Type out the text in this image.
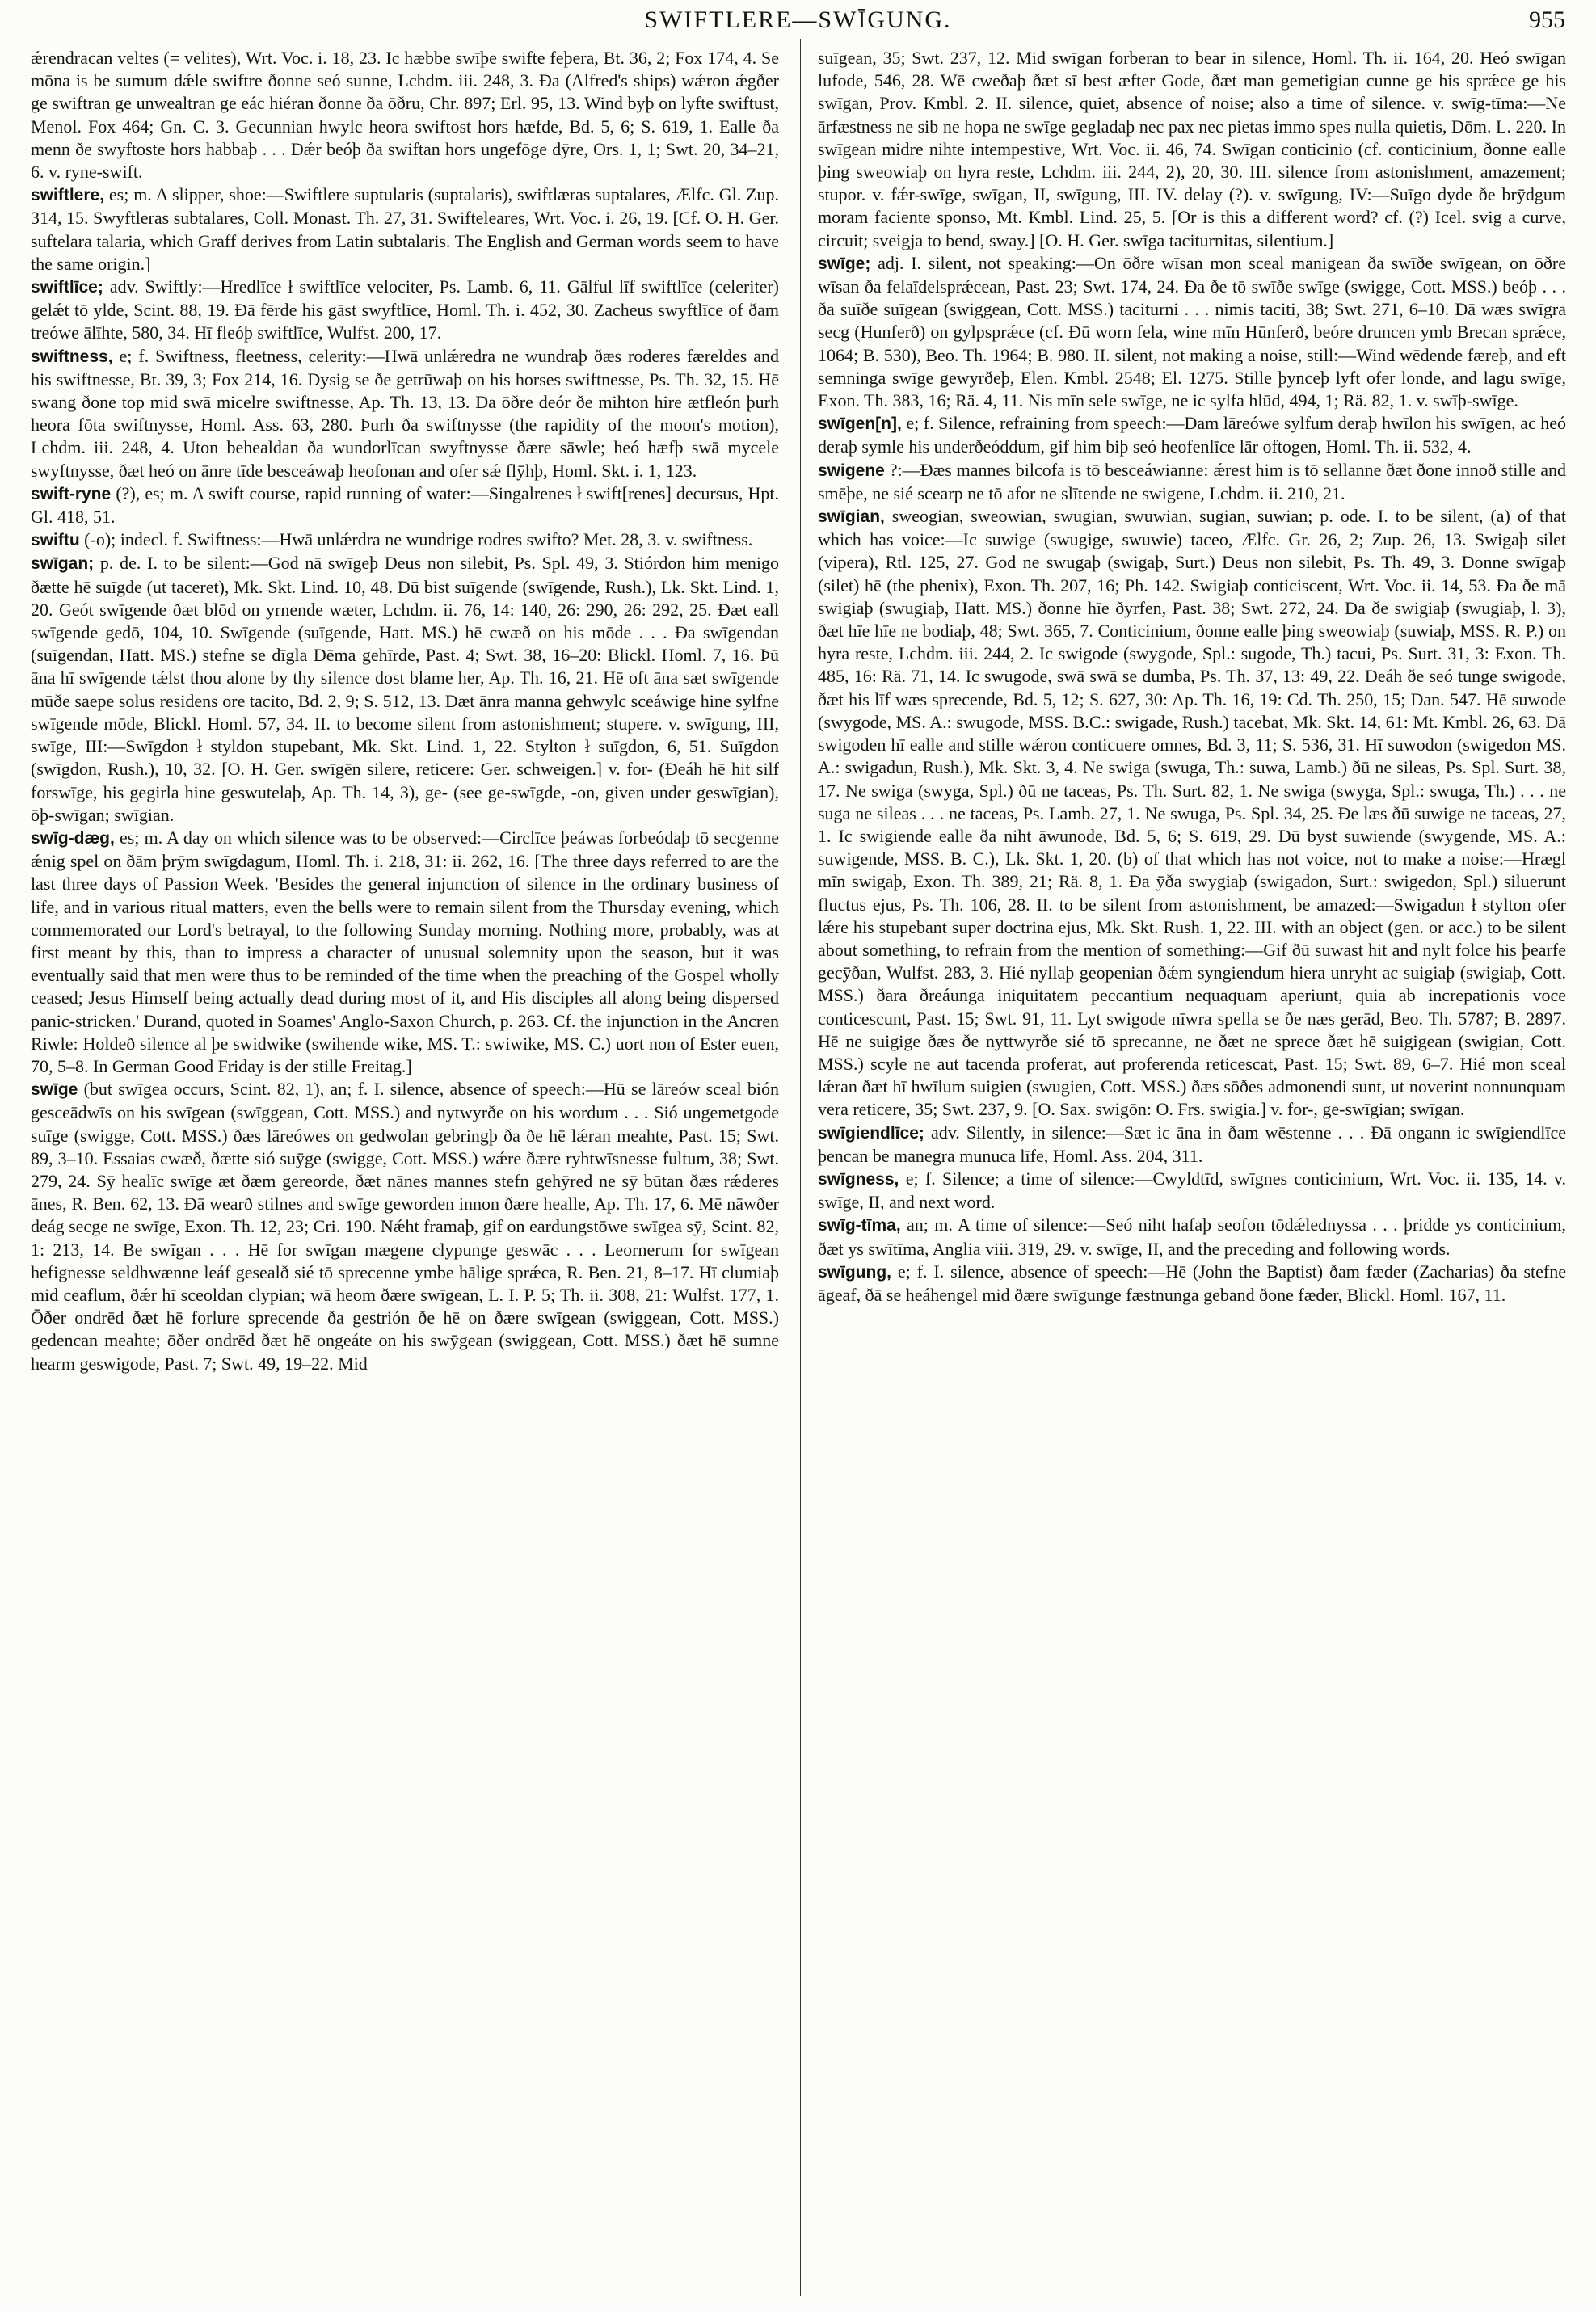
SWIFTLERE—SWĪGUNG.	955

ǽrendracan veltes (= velites), Wrt. Voc. i. 18, 23. Ic hæbbe swīþe swifte feþera, Bt. 36, 2; Fox 174, 4. Se mōna is be sumum dǽle swiftre ðonne seó sunne, Lchdm. iii. 248, 3. Ða (Alfred's ships) wǽron ǽgðer ge swiftran ge unwealtran ge eác hiéran ðonne ða ōðru, Chr. 897; Erl. 95, 13. Wind byþ on lyfte swiftust, Menol. Fox 464; Gn. C. 3. Gecunnian hwylc heora swiftost hors hæfde, Bd. 5, 6; S. 619, 1. Ealle ða menn ðe swyftoste hors habbaþ . . . Ðǽr beóþ ða swiftan hors ungefōge dȳre, Ors. 1, 1; Swt. 20, 34–21, 6. v. ryne-swift.

swiftlere, es; m. A slipper, shoe:—Swiftlere suptularis (suptalaris), swiftlæras suptalares, Ælfc. Gl. Zup. 314, 15. Swyftleras subtalares, Coll. Monast. Th. 27, 31. Swifteleares, Wrt. Voc. i. 26, 19. [Cf. O. H. Ger. suftelara talaria, which Graff derives from Latin subtalaris. The English and German words seem to have the same origin.]

swiftlīce; adv. Swiftly:—Hredlīce ł swiftlīce velociter, Ps. Lamb. 6, 11. Gālful līf swiftlīce (celeriter) gelǽt tō ylde, Scint. 88, 19. Ðā fērde his gāst swyftlīce, Homl. Th. i. 452, 30. Zacheus swyftlīce of ðam treówe ālīhte, 580, 34. Hī fleóþ swiftlīce, Wulfst. 200, 17.

swiftness, e; f. Swiftness, fleetness, celerity:—Hwā unlǽredra ne wundraþ ðæs roderes færeldes and his swiftnesse, Bt. 39, 3; Fox 214, 16. Dysig se ðe getrūwaþ on his horses swiftnesse, Ps. Th. 32, 15. Hē swang ðone top mid swā micelre swiftnesse, Ap. Th. 13, 13. Da ōðre deór ðe mihton hire ætfleón þurh heora fōta swiftnysse, Homl. Ass. 63, 280. Þurh ða swiftnysse (the rapidity of the moon's motion), Lchdm. iii. 248, 4. Uton behealdan ða wundorlīcan swyftnysse ðære sāwle; heó hæfþ swā mycele swyftnysse, ðæt heó on ānre tīde besceáwaþ heofonan and ofer sǽ flȳhþ, Homl. Skt. i. 1, 123.

swift-ryne (?), es; m. A swift course, rapid running of water:—Singalrenes ł swift[renes] decursus, Hpt. Gl. 418, 51.

swiftu (-o); indecl. f. Swiftness:—Hwā unlǽrdra ne wundrige rodres swifto? Met. 28, 3. v. swiftness.

swīgan; p. de. I. to be silent:—God nā swīgeþ Deus non silebit, Ps. Spl. 49, 3. Stiórdon him menigo ðætte hē suīgde (ut taceret), Mk. Skt. Lind. 10, 48. Ðū bist suīgende (swīgende, Rush.), Lk. Skt. Lind. 1, 20. Geót swīgende ðæt blōd on yrnende wæter, Lchdm. ii. 76, 14: 140, 26: 290, 26: 292, 25. Ðæt eall swīgende gedō, 104, 10. Swīgende (suīgende, Hatt. MS.) hē cwæð on his mōde . . . Ða swīgendan (suīgendan, Hatt. MS.) stefne se dīgla Dēma gehīrde, Past. 4; Swt. 38, 16–20: Blickl. Homl. 7, 16. Þū āna hī swīgende tǽlst thou alone by thy silence dost blame her, Ap. Th. 16, 21. Hē oft āna sæt swīgende mūðe saepe solus residens ore tacito, Bd. 2, 9; S. 512, 13. Ðæt ānra manna gehwylc sceáwige hine sylfne swīgende mōde, Blickl. Homl. 57, 34. II. to become silent from astonishment; stupere. v. swīgung, III, swīge, III:—Swīgdon ł styldon stupebant, Mk. Skt. Lind. 1, 22. Stylton ł suīgdon, 6, 51. Suīgdon (swīgdon, Rush.), 10, 32. [O. H. Ger. swīgēn silere, reticere: Ger. schweigen.] v. for- (Ðeáh hē hit silf forswīge, his gegirla hine geswutelaþ, Ap. Th. 14, 3), ge- (see ge-swīgde, -on, given under geswīgian), ōþ-swīgan; swīgian.

swīg-dæg, es; m. A day on which silence was to be observed:—Circlīce þeáwas forbeódaþ tō secgenne ǽnig spel on ðām þrȳm swīgdagum, Homl. Th. i. 218, 31: ii. 262, 16. [The three days referred to are the last three days of Passion Week. 'Besides the general injunction of silence in the ordinary business of life, and in various ritual matters, even the bells were to remain silent from the Thursday evening, which commemorated our Lord's betrayal, to the following Sunday morning. Nothing more, probably, was at first meant by this, than to impress a character of unusual solemnity upon the season, but it was eventually said that men were thus to be reminded of the time when the preaching of the Gospel wholly ceased; Jesus Himself being actually dead during most of it, and His disciples all along being dispersed panic-stricken.' Durand, quoted in Soames' Anglo-Saxon Church, p. 263. Cf. the injunction in the Ancren Riwle: Holdeð silence al þe swidwike (swihende wike, MS. T.: swiwike, MS. C.) uort non of Ester euen, 70, 5–8. In German Good Friday is der stille Freitag.]

swīge (but swīgea occurs, Scint. 82, 1), an; f. I. silence, absence of speech:—Hū se lāreów sceal bión gesceādwīs on his swīgean (swīggean, Cott. MSS.) and nytwyrðe on his wordum . . . Sió ungemetgode suīge (swigge, Cott. MSS.) ðæs lāreówes on gedwolan gebringþ ða ðe hē lǽran meahte, Past. 15; Swt. 89, 3–10. Essaias cwæð, ðætte sió suȳge (swigge, Cott. MSS.) wǽre ðære ryhtwīsnesse fultum, 38; Swt. 279, 24. Sȳ healīc swīge æt ðæm gereorde, ðæt nānes mannes stefn gehȳred ne sȳ būtan ðæs rǽderes ānes, R. Ben. 62, 13. Ðā wearð stilnes and swīge geworden innon ðære healle, Ap. Th. 17, 6. Mē nāwðer deág secge ne swīge, Exon. Th. 12, 23; Cri. 190. Nǽht framaþ, gif on eardungstōwe swīgea sȳ, Scint. 82, 1: 213, 14. Be swīgan . . . Hē for swīgan mægene clypunge geswāc . . . Leornerum for swīgean hefignesse seldhwænne leáf gesealð sié tō sprecenne ymbe hālige sprǽca, R. Ben. 21, 8–17. Hī clumiaþ mid ceaflum, ðǽr hī sceoldan clypian; wā heom ðære swīgean, L. I. P. 5; Th. ii. 308, 21: Wulfst. 177, 1. Ōðer ondrēd ðæt hē forlure sprecende ða gestrión ðe hē on ðære swīgean (swiggean, Cott. MSS.) gedencan meahte; ōðer ondrēd ðæt hē ongeáte on his swȳgean (swiggean, Cott. MSS.) ðæt hē sumne hearm geswigode, Past. 7; Swt. 49, 19–22. Mid

suīgean, 35; Swt. 237, 12. Mid swīgan forberan to bear in silence, Homl. Th. ii. 164, 20. Heó swīgan lufode, 546, 28. Wē cweðaþ ðæt sī best æfter Gode, ðæt man gemetigian cunne ge his sprǽce ge his swīgan, Prov. Kmbl. 2. II. silence, quiet, absence of noise; also a time of silence. v. swīg-tīma:—Ne ārfæstness ne sib ne hopa ne swīge gegladaþ nec pax nec pietas immo spes nulla quietis, Dōm. L. 220. In swīgean midre nihte intempestive, Wrt. Voc. ii. 46, 74. Swīgan conticinio (cf. conticinium, ðonne ealle þing sweowiaþ on hyra reste, Lchdm. iii. 244, 2), 20, 30. III. silence from astonishment, amazement; stupor. v. fǽr-swīge, swīgan, II, swīgung, III. IV. delay (?). v. swīgung, IV:—Suīgo dyde ðe brȳdgum moram faciente sponso, Mt. Kmbl. Lind. 25, 5. [Or is this a different word? cf. (?) Icel. svig a curve, circuit; sveigja to bend, sway.] [O. H. Ger. swīga taciturnitas, silentium.]

swīge; adj. I. silent, not speaking:—On ōðre wīsan mon sceal manigean ða swīðe swīgean, on ōðre wīsan ða felaīdelsprǽcean, Past. 23; Swt. 174, 24. Ða ðe tō swīðe swīge (swigge, Cott. MSS.) beóþ . . . ða suīðe suīgean (swiggean, Cott. MSS.) taciturni . . . nimis taciti, 38; Swt. 271, 6–10. Ðā wæs swīgra secg (Hunferð) on gylpsprǽce (cf. Ðū worn fela, wine mīn Hūnferð, beóre druncen ymb Brecan sprǽce, 1064; B. 530), Beo. Th. 1964; B. 980. II. silent, not making a noise, still:—Wind wēdende færeþ, and eft semninga swīge gewyrðeþ, Elen. Kmbl. 2548; El. 1275. Stille þynceþ lyft ofer londe, and lagu swīge, Exon. Th. 383, 16; Rä. 4, 11. Nis mīn sele swīge, ne ic sylfa hlūd, 494, 1; Rä. 82, 1. v. swīþ-swīge.

swīgen[n], e; f. Silence, refraining from speech:—Ðam lāreówe sylfum deraþ hwīlon his swīgen, ac heó deraþ symle his underðeóddum, gif him biþ seó heofenlīce lār oftogen, Homl. Th. ii. 532, 4.

swigene ?:—Ðæs mannes bilcofa is tō besceáwianne: ǽrest him is tō sellanne ðæt ðone innoð stille and smēþe, ne sié scearp ne tō afor ne slītende ne swigene, Lchdm. ii. 210, 21.

swīgian, sweogian, sweowian, swugian, swuwian, sugian, suwian; p. ode. I. to be silent, (a) of that which has voice:—Ic suwige (swugige, swuwie) taceo, Ælfc. Gr. 26, 2; Zup. 26, 13. Swigaþ silet (vipera), Rtl. 125, 27. God ne swugaþ (swigaþ, Surt.) Deus non silebit, Ps. Th. 49, 3. Ðonne swīgaþ (silet) hē (the phenix), Exon. Th. 207, 16; Ph. 142. Swigiaþ conticiscent, Wrt. Voc. ii. 14, 53. Ða ðe mā swigiaþ (swugiaþ, Hatt. MS.) ðonne hīe ðyrfen, Past. 38; Swt. 272, 24. Ða ðe swigiaþ (swugiaþ, l. 3), ðæt hīe hīe ne bodiaþ, 48; Swt. 365, 7. Conticinium, ðonne ealle þing sweowiaþ (suwiaþ, MSS. R. P.) on hyra reste, Lchdm. iii. 244, 2. Ic swigode (swygode, Spl.: sugode, Th.) tacui, Ps. Surt. 31, 3: Exon. Th. 485, 16: Rä. 71, 14. Ic swugode, swā swā se dumba, Ps. Th. 37, 13: 49, 22. Deáh ðe seó tunge swigode, ðæt his līf wæs sprecende, Bd. 5, 12; S. 627, 30: Ap. Th. 16, 19: Cd. Th. 250, 15; Dan. 547. Hē suwode (swygode, MS. A.: swugode, MSS. B.C.: swigade, Rush.) tacebat, Mk. Skt. 14, 61: Mt. Kmbl. 26, 63. Ðā swigoden hī ealle and stille wǽron conticuere omnes, Bd. 3, 11; S. 536, 31. Hī suwodon (swigedon MS. A.: swigadun, Rush.), Mk. Skt. 3, 4. Ne swiga (swuga, Th.: suwa, Lamb.) ðū ne sileas, Ps. Spl. Surt. 38, 17. Ne swiga (swyga, Spl.) ðū ne taceas, Ps. Th. Surt. 82, 1. Ne swiga (swyga, Spl.: swuga, Th.) . . . ne suga ne sileas . . . ne taceas, Ps. Lamb. 27, 1. Ne swuga, Ps. Spl. 34, 25. Ðe læs ðū suwige ne taceas, 27, 1. Ic swigiende ealle ða niht āwunode, Bd. 5, 6; S. 619, 29. Ðū byst suwiende (swygende, MS. A.: suwigende, MSS. B. C.), Lk. Skt. 1, 20. (b) of that which has not voice, not to make a noise:—Hrægl mīn swigaþ, Exon. Th. 389, 21; Rä. 8, 1. Ða ȳða swygiaþ (swigadon, Surt.: swigedon, Spl.) siluerunt fluctus ejus, Ps. Th. 106, 28. II. to be silent from astonishment, be amazed:—Swigadun ł stylton ofer lǽre his stupebant super doctrina ejus, Mk. Skt. Rush. 1, 22. III. with an object (gen. or acc.) to be silent about something, to refrain from the mention of something:—Gif ðū suwast hit and nylt folce his þearfe gecȳðan, Wulfst. 283, 3. Hié nyllaþ geopenian ðǽm syngiendum hiera unryht ac suigiaþ (swigiaþ, Cott. MSS.) ðara ðreáunga iniquitatem peccantium nequaquam aperiunt, quia ab increpationis voce conticescunt, Past. 15; Swt. 91, 11. Lyt swigode nīwra spella se ðe næs gerād, Beo. Th. 5787; B. 2897. Hē ne suigige ðæs ðe nyttwyrðe sié tō sprecanne, ne ðæt ne sprece ðæt hē suigigean (swigian, Cott. MSS.) scyle ne aut tacenda proferat, aut proferenda reticescat, Past. 15; Swt. 89, 6–7. Hié mon sceal lǽran ðæt hī hwīlum suigien (swugien, Cott. MSS.) ðæs sōðes admonendi sunt, ut noverint nonnunquam vera reticere, 35; Swt. 237, 9. [O. Sax. swigōn: O. Frs. swigia.] v. for-, ge-swīgian; swīgan.

swīgiendlīce; adv. Silently, in silence:—Sæt ic āna in ðam wēstenne . . . Ðā ongann ic swīgiendlīce þencan be manegra munuca līfe, Homl. Ass. 204, 311.

swīgness, e; f. Silence; a time of silence:—Cwyldtīd, swīgnes conticinium, Wrt. Voc. ii. 135, 14. v. swīge, II, and next word.

swīg-tīma, an; m. A time of silence:—Seó niht hafaþ seofon tōdǽlednyssa . . . þridde ys conticinium, ðæt ys swītīma, Anglia viii. 319, 29. v. swīge, II, and the preceding and following words.

swīgung, e; f. I. silence, absence of speech:—Hē (John the Baptist) ðam fæder (Zacharias) ða stefne āgeaf, ðā se heáhengel mid ðære swīgunge fæstnunga geband ðone fæder, Blickl. Homl. 167, 11.
